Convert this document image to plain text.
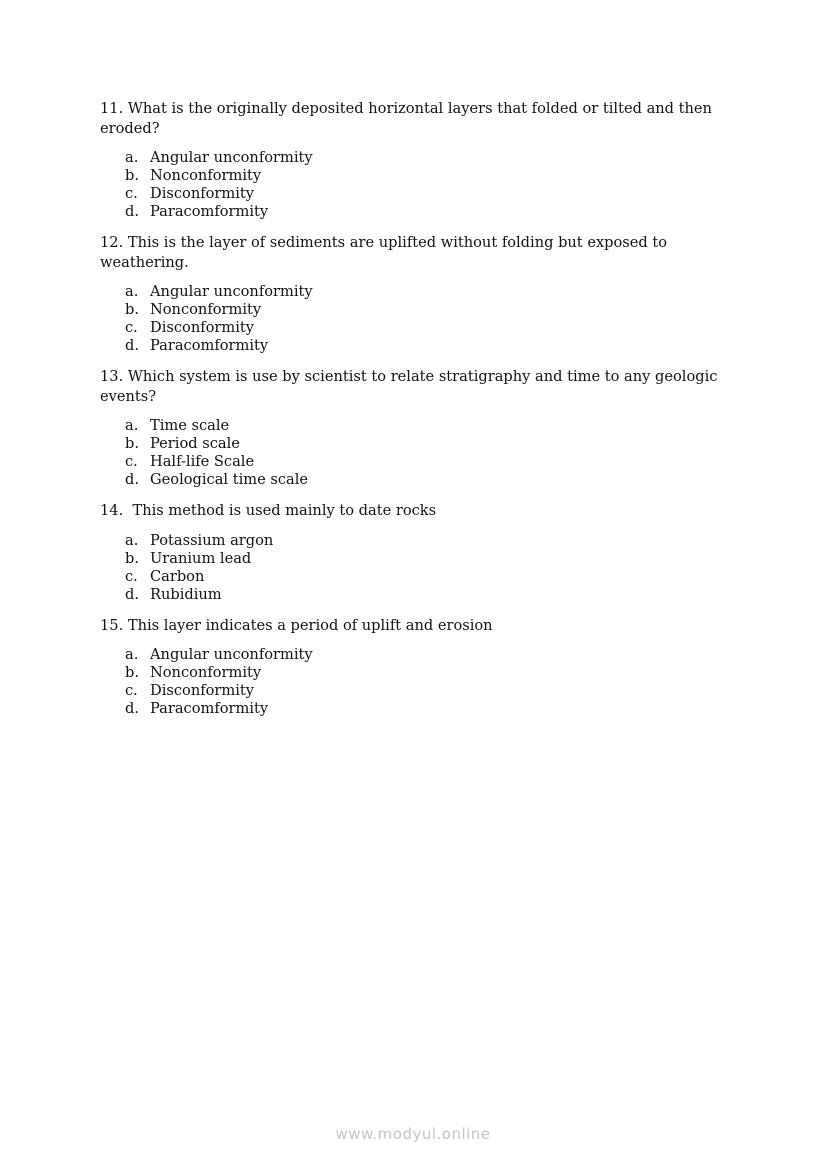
11. What is the originally deposited horizontal layers that folded or tilted and then eroded?

a. Angular unconformity
b. Nonconformity
c. Disconformity
d. Paracomformity

12. This is the layer of sediments are uplifted without folding but exposed to weathering.

a. Angular unconformity
b. Nonconformity
c. Disconformity
d. Paracomformity

13. Which system is use by scientist to relate stratigraphy and time to any geologic events?

a. Time scale
b. Period scale
c. Half-life Scale
d. Geological time scale

14.  This method is used mainly to date rocks

a. Potassium argon
b. Uranium lead
c. Carbon
d. Rubidium

15. This layer indicates a period of uplift and erosion

a. Angular unconformity
b. Nonconformity
c. Disconformity
d. Paracomformity
www.modyul.online
